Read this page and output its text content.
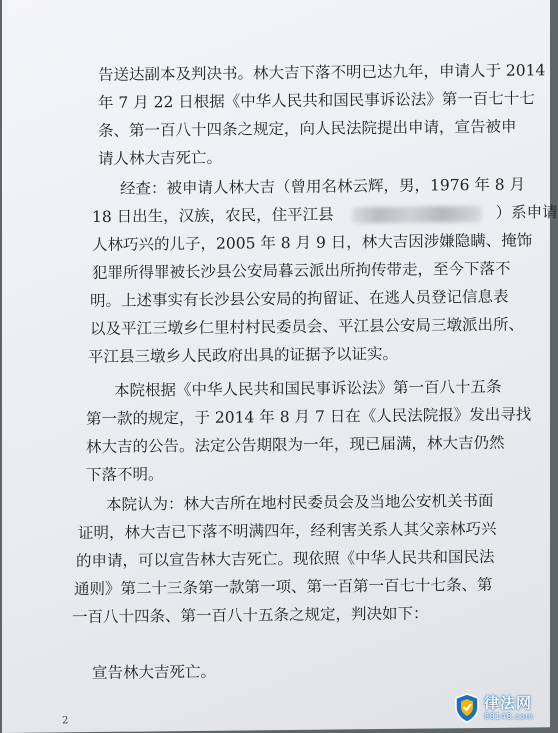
告送达副本及判决书。林大吉下落不明已达九年，申请人于 2014
年 7 月 22 日根据《中华人民共和国民事诉讼法》第一百七十七
条、第一百八十四条之规定，向人民法院提出申请，宣告被申
请人林大吉死亡。

经查：被申请人林大吉（曾用名林云辉，男，1976 年 8 月
18 日出生，汉族，农民，住平江县	）系申请
人林巧兴的儿子，2005 年 8 月 9 日，林大吉因涉嫌隐瞒、掩饰
犯罪所得罪被长沙县公安局暮云派出所拘传带走，至今下落不
明。上述事实有长沙县公安局的拘留证、在逃人员登记信息表
以及平江三墩乡仁里村村民委员会、平江县公安局三墩派出所、
平江县三墩乡人民政府出具的证据予以证实。

本院根据《中华人民共和国民事诉讼法》第一百八十五条
第一款的规定，于 2014 年 8 月 7 日在《人民法院报》发出寻找
林大吉的公告。法定公告期限为一年，现已届满，林大吉仍然
下落不明。

本院认为：林大吉所在地村民委员会及当地公安机关书面
证明，林大吉已下落不明满四年，经利害关系人其父亲林巧兴
的申请，可以宣告林大吉死亡。现依照《中华人民共和国民法
通则》第二十三条第一款第一项、第一百第一百七十七条、第
一百八十四条、第一百八十五条之规定，判决如下：

宣告林大吉死亡。

2
律法网
88148.com
